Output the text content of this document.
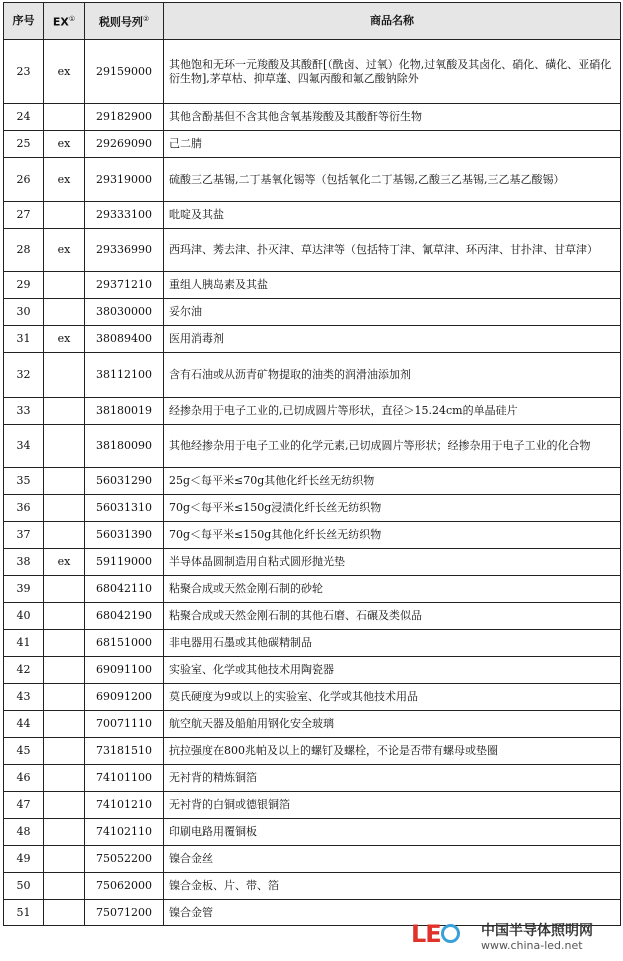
序号	EX①	税则号列②	商品名称
23	ex	29159000	其他饱和无环一元羧酸及其酸酐[（酰卤、过氧）化物,过氧酸及其卤化、硝化、磺化、亚硝化衍生物],茅草枯、抑草蓬、四氟丙酸和氟乙酸钠除外
24		29182900	其他含酚基但不含其他含氧基羧酸及其酸酐等衍生物
25	ex	29269090	己二腈
26	ex	29319000	硫酸三乙基锡,二丁基氧化锡等（包括氧化二丁基锡,乙酸三乙基锡,三乙基乙酸锡）
27		29333100	吡啶及其盐
28	ex	29336990	西玛津、莠去津、扑灭津、草达津等（包括特丁津、氰草津、环丙津、甘扑津、甘草津）
29		29371210	重组人胰岛素及其盐
30		38030000	妥尔油
31	ex	38089400	医用消毒剂
32		38112100	含有石油或从沥青矿物提取的油类的润滑油添加剂
33		38180019	经掺杂用于电子工业的,已切成圆片等形状，直径＞15.24cm的单晶硅片
34		38180090	其他经掺杂用于电子工业的化学元素,已切成圆片等形状；经掺杂用于电子工业的化合物
35		56031290	25g＜每平米≤70g其他化纤长丝无纺织物
36		56031310	70g＜每平米≤150g浸渍化纤长丝无纺织物
37		56031390	70g＜每平米≤150g其他化纤长丝无纺织物
38	ex	59119000	半导体晶圆制造用自粘式圆形抛光垫
39		68042110	粘聚合成或天然金刚石制的砂轮
40		68042190	粘聚合成或天然金刚石制的其他石磨、石碾及类似品
41		68151000	非电器用石墨或其他碳精制品
42		69091100	实验室、化学或其他技术用陶瓷器
43		69091200	莫氏硬度为9或以上的实验室、化学或其他技术用品
44		70071110	航空航天器及船舶用钢化安全玻璃
45		73181510	抗拉强度在800兆帕及以上的螺钉及螺栓，不论是否带有螺母或垫圈
46		74101100	无衬背的精炼铜箔
47		74101210	无衬背的白铜或德银铜箔
48		74102110	印刷电路用覆铜板
49		75052200	镍合金丝
50		75062000	镍合金板、片、带、箔
51		75071200	镍合金管
LE	中国半导体照明网
www.china-led.net
